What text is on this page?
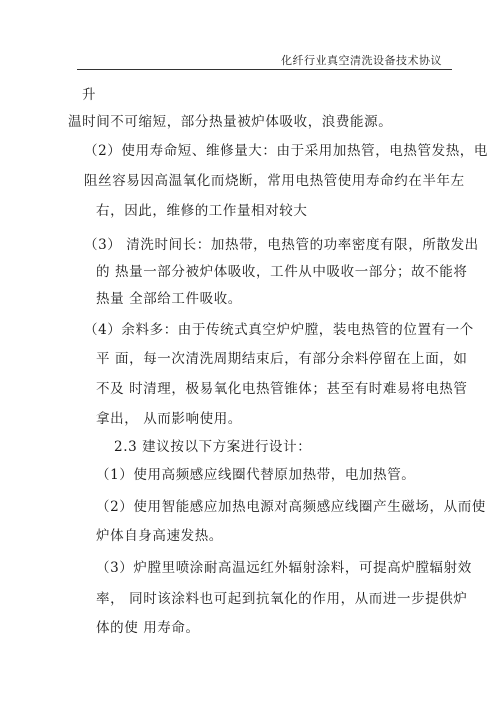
化纤行业真空清洗设备技术协议
升
温时间不可缩短，部分热量被炉体吸收，浪费能源。
（2）使用寿命短、维修量大：由于采用加热管，电热管发热，电
阻丝容易因高温氧化而烧断，常用电热管使用寿命约在半年左
右，因此，维修的工作量相对较大
（3） 清洗时间长：加热带，电热管的功率密度有限，所散发出
的 热量一部分被炉体吸收，工件从中吸收一部分；故不能将
热量 全部给工件吸收。
（4）余料多：由于传统式真空炉炉膛，装电热管的位置有一个
平 面，每一次清洗周期结束后，有部分余料停留在上面，如
不及 时清理，极易氧化电热管锥体；甚至有时难易将电热管
拿出， 从而影响使用。
2.3 建议按以下方案进行设计：
（1）使用高频感应线圈代替原加热带，电加热管。
（2）使用智能感应加热电源对高频感应线圈产生磁场，从而使
炉体自身高速发热。
（3）炉膛里喷涂耐高温远红外辐射涂料，可提高炉膛辐射效
率， 同时该涂料也可起到抗氧化的作用，从而进一步提供炉
体的使 用寿命。
